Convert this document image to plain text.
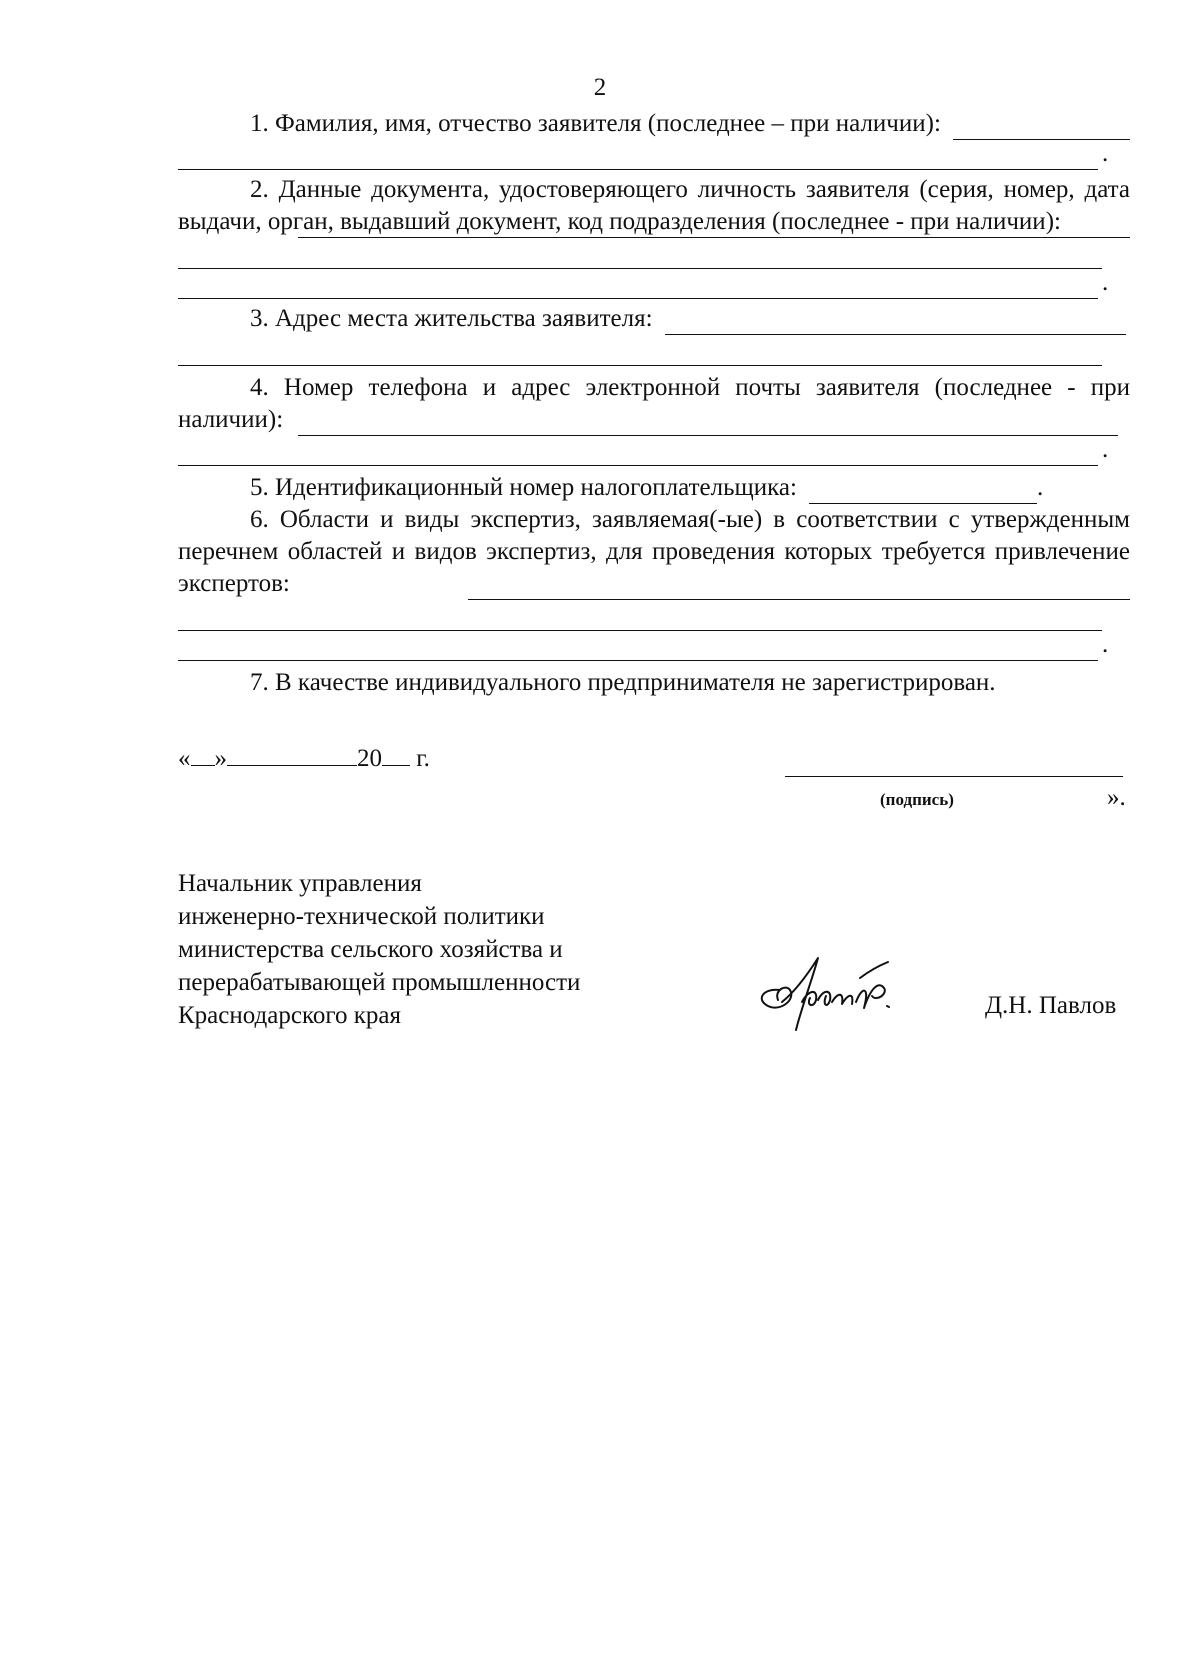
2
1. Фамилия, имя, отчество заявителя (последнее – при наличии):
.
2. Данные документа, удостоверяющего личность заявителя (серия, номер, дата выдачи, орган, выдавший документ, код подразделения (последнее - при наличии):
.
3. Адрес места жительства заявителя:
4. Номер телефона и адрес электронной почты заявителя (последнее - при наличии):
.
5. Идентификационный номер налогоплательщика:	.
6. Области и виды экспертиз, заявляемая(-ые) в соответствии с утвержденным перечнем областей и видов экспертиз, для проведения которых требуется привлечение экспертов:
.
7. В качестве индивидуального предпринимателя не зарегистрирован.
« »	20 г.
(подпись)	».
Начальник управления
инженерно-технической политики
министерства сельского хозяйства и
перерабатывающей промышленности
Краснодарского края	Д.Н. Павлов
